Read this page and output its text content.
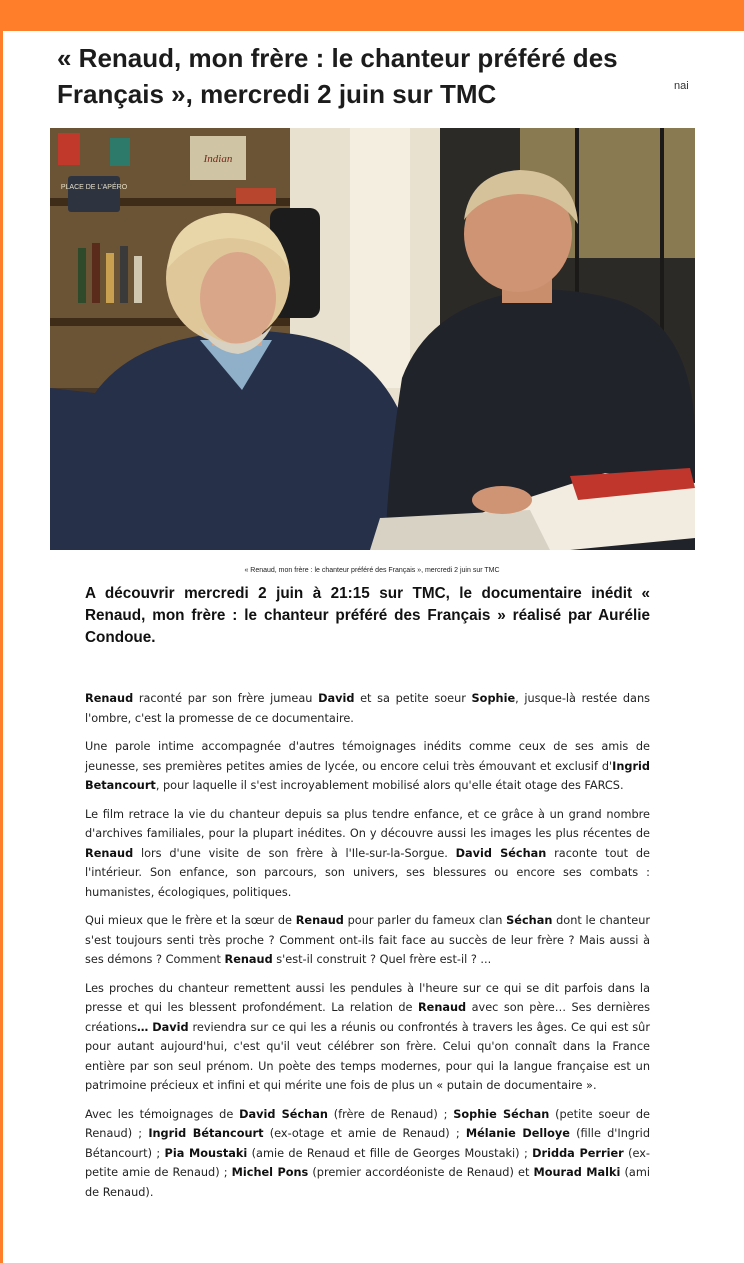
« Renaud, mon frère : le chanteur préféré des Français », mercredi 2 juin sur TMC	nai
PLACE DE L'APÉRO
Indian
« Renaud, mon frère : le chanteur préféré des Français », mercredi 2 juin sur TMC
A découvrir mercredi 2 juin à 21:15 sur TMC, le documentaire inédit « Renaud, mon frère : le chanteur préféré des Français » réalisé par Aurélie Condoue.

Renaud raconté par son frère jumeau David et sa petite soeur Sophie, jusque-là restée dans l'ombre, c'est la promesse de ce documentaire.

Une parole intime accompagnée d'autres témoignages inédits comme ceux de ses amis de jeunesse, ses premières petites amies de lycée, ou encore celui très émouvant et exclusif d'Ingrid Betancourt, pour laquelle il s'est incroyablement mobilisé alors qu'elle était otage des FARCS.

Le film retrace la vie du chanteur depuis sa plus tendre enfance, et ce grâce à un grand nombre d'archives familiales, pour la plupart inédites. On y découvre aussi les images les plus récentes de Renaud lors d'une visite de son frère à l'Ile-sur-la-Sorgue. David Séchan raconte tout de l'intérieur. Son enfance, son parcours, son univers, ses blessures ou encore ses combats : humanistes, écologiques, politiques.

Qui mieux que le frère et la sœur de Renaud pour parler du fameux clan Séchan dont le chanteur s'est toujours senti très proche ? Comment ont-ils fait face au succès de leur frère ? Mais aussi à ses démons ? Comment Renaud s'est-il construit ? Quel frère est-il ? ...

Les proches du chanteur remettent aussi les pendules à l'heure sur ce qui se dit parfois dans la presse et qui les blessent profondément. La relation de Renaud avec son père… Ses dernières créations… David reviendra sur ce qui les a réunis ou confrontés à travers les âges. Ce qui est sûr pour autant aujourd'hui, c'est qu'il veut célébrer son frère. Celui qu'on connaît dans la France entière par son seul prénom. Un poète des temps modernes, pour qui la langue française est un patrimoine précieux et infini et qui mérite une fois de plus un « putain de documentaire ».

Avec les témoignages de David Séchan (frère de Renaud) ; Sophie Séchan (petite soeur de Renaud) ; Ingrid Bétancourt (ex-otage et amie de Renaud) ; Mélanie Delloye (fille d'Ingrid Bétancourt) ; Pia Moustaki (amie de Renaud et fille de Georges Moustaki) ; Dridda Perrier (ex-petite amie de Renaud) ; Michel Pons (premier accordéoniste de Renaud) et Mourad Malki (ami de Renaud).
